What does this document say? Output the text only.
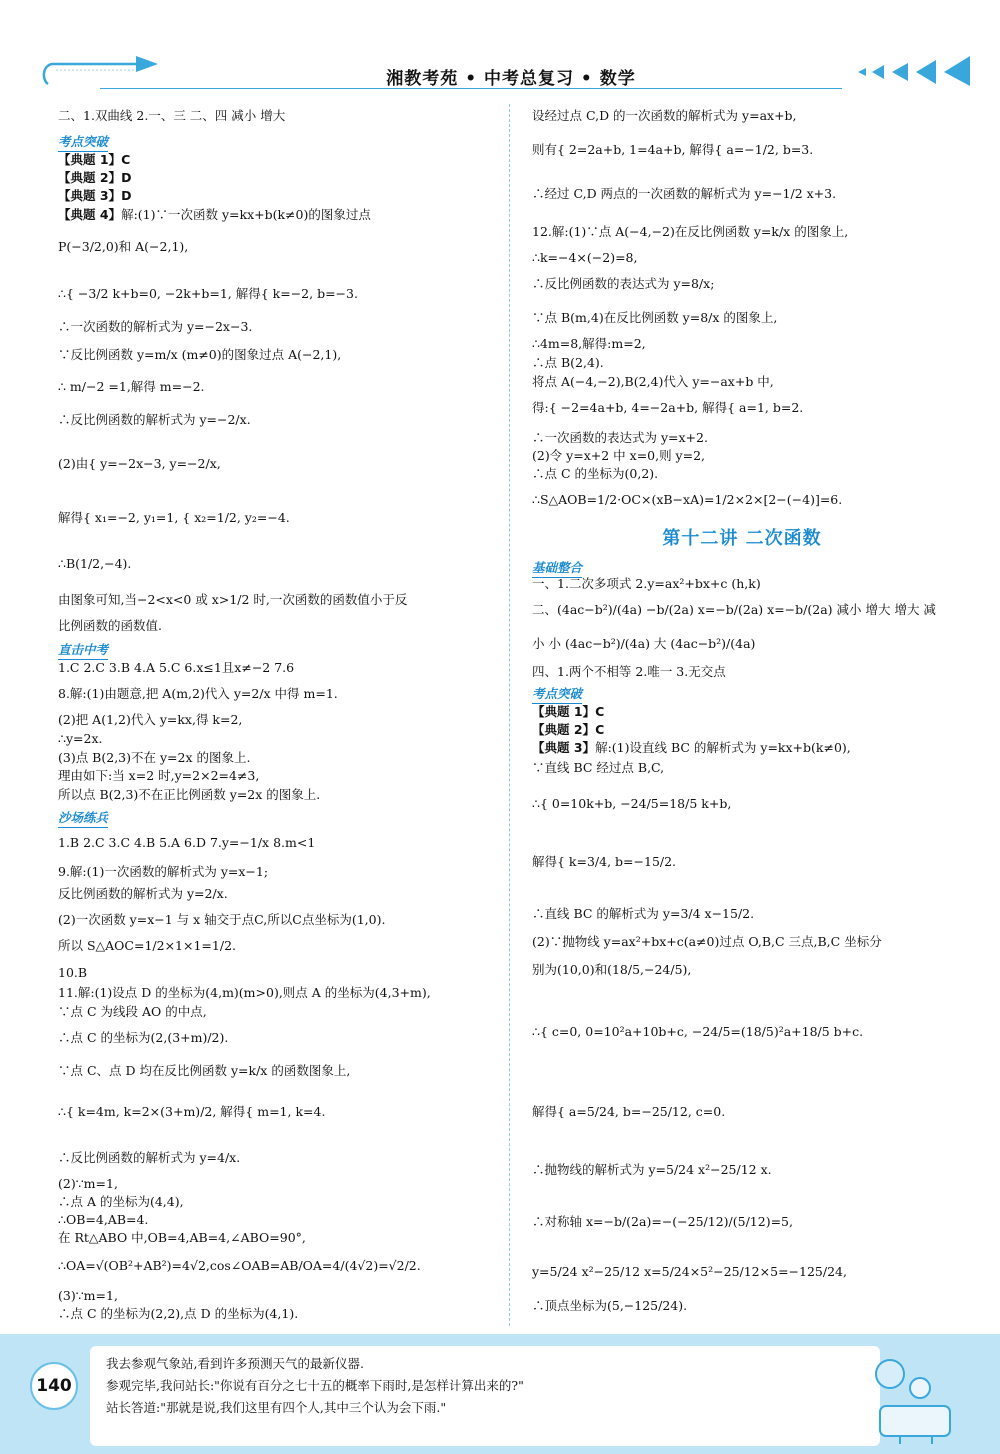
湘教考苑 • 中考总复习 • 数学
二、1.双曲线 2.一、三 二、四 减小 增大
考点突破
【典题 1】C
【典题 2】D
【典题 3】D
【典题 4】解:(1)∵一次函数 y=kx+b(k≠0)的图象过点
P(−3/2,0)和 A(−2,1),
∴{ −3/2 k+b=0, −2k+b=1, 解得{ k=−2, b=−3.
∴一次函数的解析式为 y=−2x−3.
∵反比例函数 y=m/x (m≠0)的图象过点 A(−2,1),
∴ m/−2 =1,解得 m=−2.
∴反比例函数的解析式为 y=−2/x.
(2)由{ y=−2x−3, y=−2/x,
解得{ x₁=−2, y₁=1, { x₂=1/2, y₂=−4.
∴B(1/2,−4).
由图象可知,当−2<x<0 或 x>1/2 时,一次函数的函数值小于反
比例函数的函数值.
直击中考
1.C 2.C 3.B 4.A 5.C 6.x≤1且x≠−2 7.6
8.解:(1)由题意,把 A(m,2)代入 y=2/x 中得 m=1.
(2)把 A(1,2)代入 y=kx,得 k=2,
∴y=2x.
(3)点 B(2,3)不在 y=2x 的图象上.
理由如下:当 x=2 时,y=2×2=4≠3,
所以点 B(2,3)不在正比例函数 y=2x 的图象上.
沙场练兵
1.B 2.C 3.C 4.B 5.A 6.D 7.y=−1/x 8.m<1
9.解:(1)一次函数的解析式为 y=x−1;
反比例函数的解析式为 y=2/x.
(2)一次函数 y=x−1 与 x 轴交于点C,所以C点坐标为(1,0).
所以 S△AOC=1/2×1×1=1/2.
10.B
11.解:(1)设点 D 的坐标为(4,m)(m>0),则点 A 的坐标为(4,3+m),
∵点 C 为线段 AO 的中点,
∴点 C 的坐标为(2,(3+m)/2).
∵点 C、点 D 均在反比例函数 y=k/x 的函数图象上,
∴{ k=4m, k=2×(3+m)/2, 解得{ m=1, k=4.
∴反比例函数的解析式为 y=4/x.
(2)∵m=1,
∴点 A 的坐标为(4,4),
∴OB=4,AB=4.
在 Rt△ABO 中,OB=4,AB=4,∠ABO=90°,
∴OA=√(OB²+AB²)=4√2,cos∠OAB=AB/OA=4/(4√2)=√2/2.
(3)∵m=1,
∴点 C 的坐标为(2,2),点 D 的坐标为(4,1).
设经过点 C,D 的一次函数的解析式为 y=ax+b,
则有{ 2=2a+b, 1=4a+b, 解得{ a=−1/2, b=3.
∴经过 C,D 两点的一次函数的解析式为 y=−1/2 x+3.
12.解:(1)∵点 A(−4,−2)在反比例函数 y=k/x 的图象上,
∴k=−4×(−2)=8,
∴反比例函数的表达式为 y=8/x;
∵点 B(m,4)在反比例函数 y=8/x 的图象上,
∴4m=8,解得:m=2,
∴点 B(2,4).
将点 A(−4,−2),B(2,4)代入 y=−ax+b 中,
得:{ −2=4a+b, 4=−2a+b, 解得{ a=1, b=2.
∴一次函数的表达式为 y=x+2.
(2)令 y=x+2 中 x=0,则 y=2,
∴点 C 的坐标为(0,2).
∴S△AOB=1/2·OC×(xB−xA)=1/2×2×[2−(−4)]=6.
第十二讲 二次函数
基础整合
一、1.二次多项式 2.y=ax²+bx+c (h,k)
二、(4ac−b²)/(4a) −b/(2a) x=−b/(2a) x=−b/(2a) 减小 增大 增大 减
小 小 (4ac−b²)/(4a) 大 (4ac−b²)/(4a)
四、1.两个不相等 2.唯一 3.无交点
考点突破
【典题 1】C
【典题 2】C
【典题 3】解:(1)设直线 BC 的解析式为 y=kx+b(k≠0),
∵直线 BC 经过点 B,C,
∴{ 0=10k+b, −24/5=18/5 k+b,
解得{ k=3/4, b=−15/2.
∴直线 BC 的解析式为 y=3/4 x−15/2.
(2)∵抛物线 y=ax²+bx+c(a≠0)过点 O,B,C 三点,B,C 坐标分
别为(10,0)和(18/5,−24/5),
∴{ c=0, 0=10²a+10b+c, −24/5=(18/5)²a+18/5 b+c.
解得{ a=5/24, b=−25/12, c=0.
∴抛物线的解析式为 y=5/24 x²−25/12 x.
∴对称轴 x=−b/(2a)=−(−25/12)/(5/12)=5,
y=5/24 x²−25/12 x=5/24×5²−25/12×5=−125/24,
∴顶点坐标为(5,−125/24).
140
我去参观气象站,看到许多预测天气的最新仪器.
参观完毕,我问站长:"你说有百分之七十五的概率下雨时,是怎样计算出来的?"
站长答道:"那就是说,我们这里有四个人,其中三个认为会下雨."
